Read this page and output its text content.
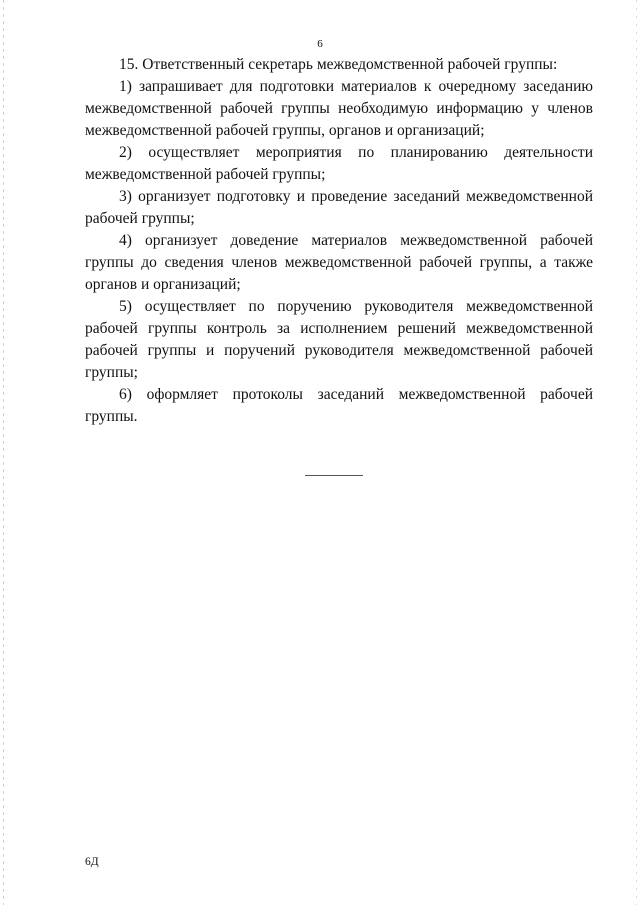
6

15. Ответственный секретарь межведомственной рабочей группы:

1) запрашивает для подготовки материалов к очередному заседанию межведомственной рабочей группы необходимую информацию у членов межведомственной рабочей группы, органов и организаций;

2) осуществляет мероприятия по планированию деятельности межведомственной рабочей группы;

3) организует подготовку и проведение заседаний межведомственной рабочей группы;

4) организует доведение материалов межведомственной рабочей группы до сведения членов межведомственной рабочей группы, а также органов и организаций;

5) осуществляет по поручению руководителя межведомственной рабочей группы контроль за исполнением решений межведомственной рабочей группы и поручений руководителя межведомственной рабочей группы;

6) оформляет протоколы заседаний межведомственной рабочей группы.

6Д
